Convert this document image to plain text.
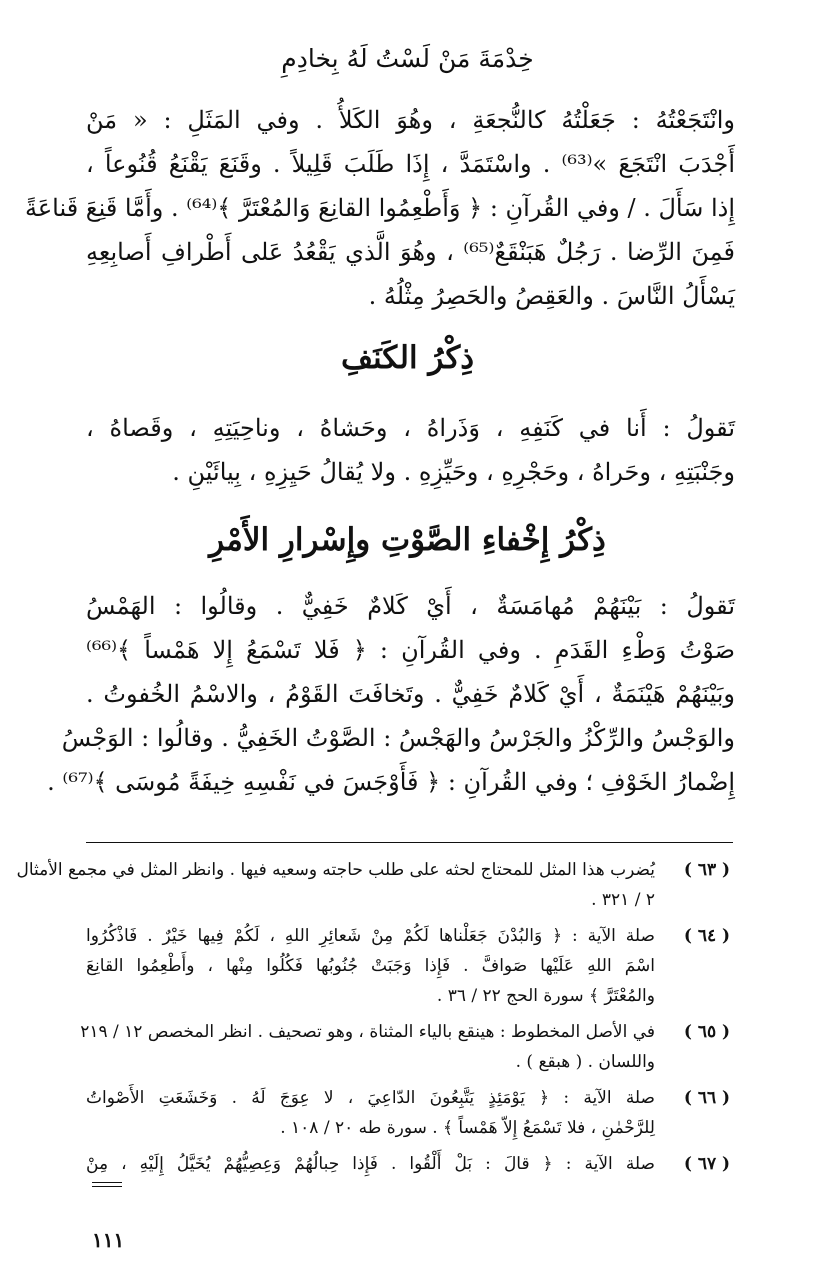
خِدْمَةَ مَنْ لَسْتُ لَهُ بِخادِمِ
وانْتَجَعْتُهُ : جَعَلْتُهُ كالنُّجعَةِ ، وهُوَ الكَلأُ . وفي المَثَلِ : « مَنْ
أَجْدَبَ انْتَجَعَ »⁽⁶³⁾ . واسْتَمَدَّ ، إِذَا طَلَبَ قَلِيلاً . وقَنَعَ يَقْنَعُ قُنُوعاً ،
إِذا سَأَلَ . / وفي القُرآنِ : ﴿ وَأَطْعِمُوا القانِعَ وَالمُعْتَرَّ ﴾⁽⁶⁴⁾ . وأَمَّا قَنِعَ قَناعَةً
فَمِنَ الرِّضا . رَجُلٌ هَبَنْقَعٌ⁽⁶⁵⁾ ، وهُوَ الَّذي يَقْعُدُ عَلى أَطْرافِ أَصابِعِهِ
يَسْأَلُ النَّاسَ . والعَقِصُ والحَصِرُ مِثْلُهُ .
ذِكْرُ الكَنَفِ
تَقولُ : أَنا في كَنَفِهِ ، وَذَراهُ ، وحَشاهُ ، وناحِيَتِهِ ، وقَصاهُ ،
وجَنْبَتِهِ ، وحَراهُ ، وحَجْرِهِ ، وحَيِّزِهِ . ولا يُقالُ حَيِزِهِ ، بِيائَيْنِ .
ذِكْرُ إِخْفاءِ الصَّوْتِ وإِسْرارِ الأَمْرِ
تَقولُ : بَيْنَهُمْ مُهامَسَةٌ ، أَيْ كَلامٌ خَفِيٌّ . وقالُوا : الهَمْسُ
صَوْتُ وَطْءِ القَدَمِ . وفي القُرآنِ : ﴿ فَلا تَسْمَعُ إِلا هَمْساً ﴾⁽⁶⁶⁾
وبَيْنَهُمْ هَيْنَمَةٌ ، أَيْ كَلامٌ خَفِيٌّ . وتَخافَتَ القَوْمُ ، والاسْمُ الخُفوتُ .
والوَجْسُ والرِّكْزُ والجَرْسُ والهَجْسُ : الصَّوْتُ الخَفِيُّ . وقالُوا : الوَجْسُ
إِضْمارُ الخَوْفِ ؛ وفي القُرآنِ : ﴿ فَأَوْجَسَ في نَفْسِهِ خِيفَةً مُوسَى ﴾⁽⁶⁷⁾ .
( ٦٣ )
يُضرب هذا المثل للمحتاج لحثه على طلب حاجته وسعيه فيها . وانظر المثل في مجمع الأمثال
٢ / ٣٢١ .
( ٦٤ )
صلة الآية : ﴿ وَالبُدْنَ جَعَلْناها لَكُمْ مِنْ شَعائِرِ اللهِ ، لَكُمْ فِيها خَيْرٌ . فَاذْكُرُوا
اسْمَ اللهِ عَلَيْها صَوافَّ . فَإِذا وَجَبَتْ جُنُوبُها فَكُلُوا مِنْها ، وأَطْعِمُوا القانِعَ
والمُعْتَرَّ ﴾ سورة الحج ٢٢ / ٣٦ .
( ٦٥ )
في الأصل المخطوط : هينقع بالياء المثناة ، وهو تصحيف . انظر المخصص ١٢ / ٢١٩
واللسان . ( هبقع ) .
( ٦٦ )
صلة الآية : ﴿ يَوْمَئِذٍ يَتَّبِعُونَ الدّاعِيَ ، لا عِوَجَ لَهُ . وَخَشَعَتِ الأَصْواتُ
لِلرَّحْمٰنِ ، فلا تَسْمَعُ إِلاّ هَمْساً ﴾ . سورة طه ٢٠ / ١٠٨ .
( ٦٧ )
صلة الآية : ﴿ قالَ : بَلْ أَلْقُوا . فَإِذا حِبالُهُمْ وَعِصِيُّهُمْ يُخَيَّلُ إِلَيْهِ ، مِنْ
١١١
